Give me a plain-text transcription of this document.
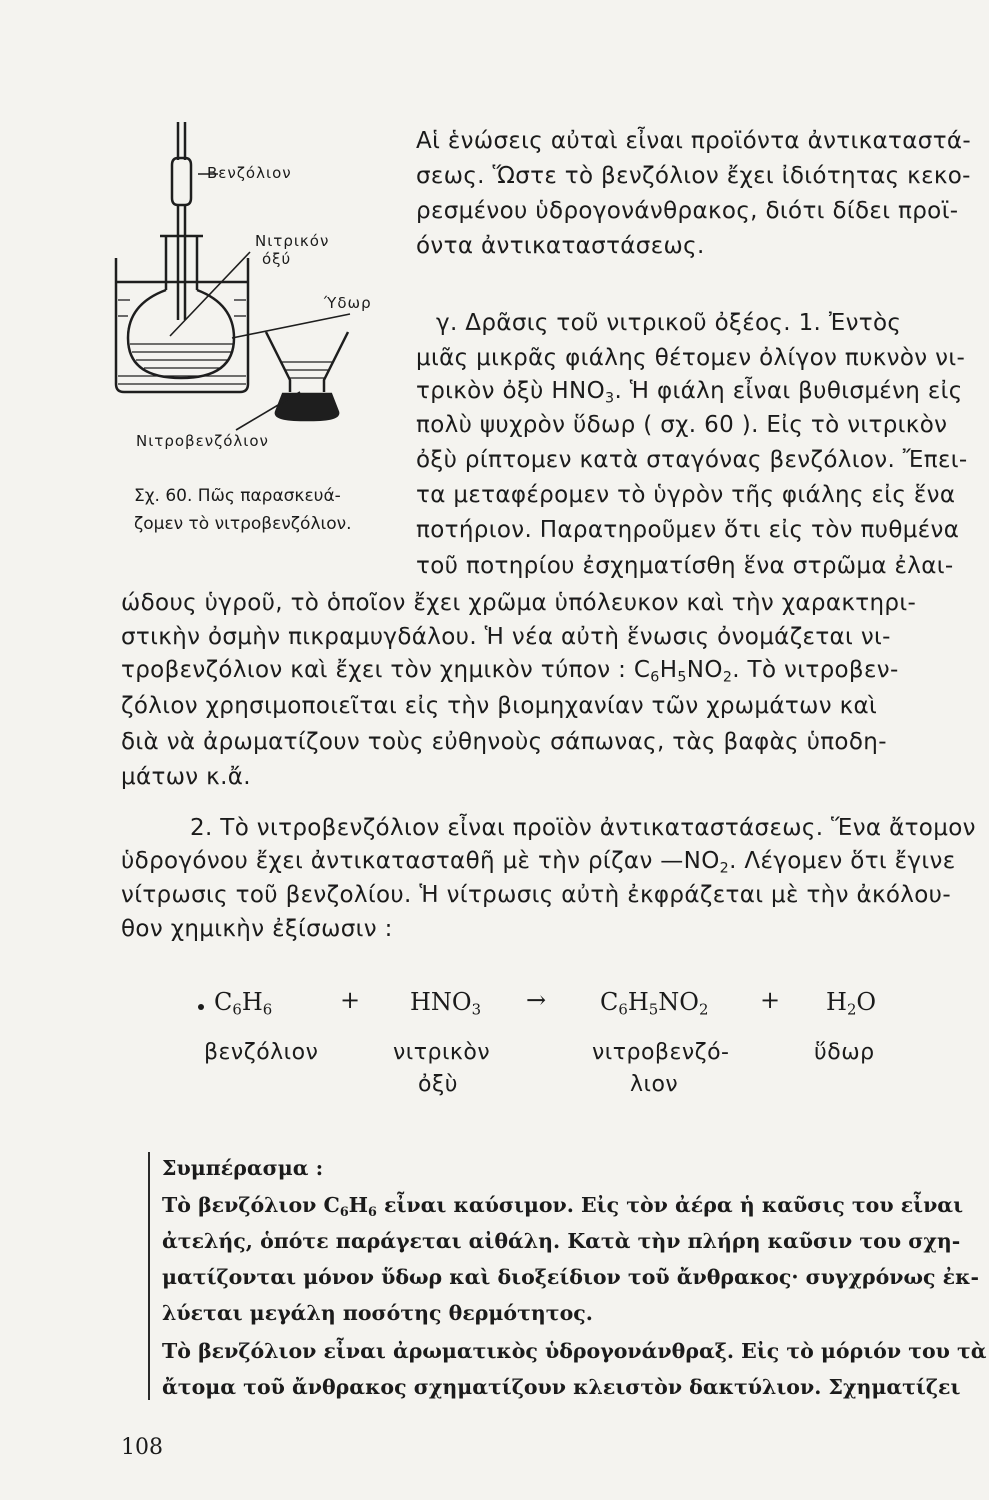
Βενζόλιον
Νιτρικόν
όξύ
Ύδωρ
Νιτροβενζόλιον
Σχ. 60. Πῶς παρασκευά-
ζομεν τὸ νιτροβενζόλιον.
Αἱ ἑνώσεις αὐταὶ εἶναι προϊόντα ἀντικαταστά-
σεως. Ὥστε τὸ βενζόλιον ἔχει ἰδιότητας κεκο-
ρεσμένου ὑδρογονάνθρακος, διότι δίδει προϊ-
όντα ἀντικαταστάσεως.
γ. Δρᾶσις τοῦ νιτρικοῦ ὀξέος. 1. Ἐντὸς
μιᾶς μικρᾶς φιάλης θέτομεν ὀλίγον πυκνὸν νι-
τρικὸν ὀξὺ $HNO_3$. Ἡ φιάλη εἶναι βυθισμένη εἰς
πολὺ ψυχρὸν ὕδωρ ( σχ. 60 ). Εἰς τὸ νιτρικὸν
ὀξὺ ρίπτομεν κατὰ σταγόνας βενζόλιον. Ἔπει-
τα μεταφέρομεν τὸ ὑγρὸν τῆς φιάλης εἰς ἕνα
ποτήριον. Παρατηροῦμεν ὅτι εἰς τὸν πυθμένα
τοῦ ποτηρίου ἐσχηματίσθη ἕνα στρῶμα ἐλαι-
ώδους ὑγροῦ, τὸ ὁποῖον ἔχει χρῶμα ὑπόλευκον καὶ τὴν χαρακτηρι-
στικὴν ὀσμὴν πικραμυγδάλου. Ἡ νέα αὐτὴ ἕνωσις ὀνομάζεται νι-
τροβενζόλιον καὶ ἔχει τὸν χημικὸν τύπον : $C_6H_5NO_2$. Τὸ νιτροβεν-
ζόλιον χρησιμοποιεῖται εἰς τὴν βιομηχανίαν τῶν χρωμάτων καὶ
διὰ νὰ ἀρωματίζουν τοὺς εὐθηνοὺς σάπωνας, τὰς βαφὰς ὑποδη-
μάτων κ.ἄ.
2. Τὸ νιτροβενζόλιον εἶναι προϊὸν ἀντικαταστάσεως. Ἕνα ἄτομον
ὑδρογόνου ἔχει ἀντικατασταθῆ μὲ τὴν ρίζαν $—NO_2$. Λέγομεν ὅτι ἔγινε
νίτρωσις τοῦ βενζολίου. Ἡ νίτρωσις αὐτὴ ἐκφράζεται μὲ τὴν ἀκόλου-
θον χημικὴν ἐξίσωσιν :
$C_6H_6$	+ $HNO_3 \to C_6H_5NO_2 + H_2O$
βενζόλιον	νιτρικὸν
ὀξὺ
νιτροβενζό-
λιον
ὕδωρ
Συμπέρασμα :
Τὸ βενζόλιον $C_6H_6$ εἶναι καύσιμον. Εἰς τὸν ἀέρα ἡ καῦσις του εἶναι
ἀτελής, ὁπότε παράγεται αἰθάλη. Κατὰ τὴν πλήρη καῦσιν του σχη-
ματίζονται μόνον ὕδωρ καὶ διοξείδιον τοῦ ἄνθρακος· συγχρόνως ἐκ-
λύεται μεγάλη ποσότης θερμότητος.
Τὸ βενζόλιον εἶναι ἀρωματικὸς ὑδρογονάνθραξ. Εἰς τὸ μόριόν του τὰ
ἄτομα τοῦ ἄνθρακος σχηματίζουν κλειστὸν δακτύλιον. Σχηματίζει
108
